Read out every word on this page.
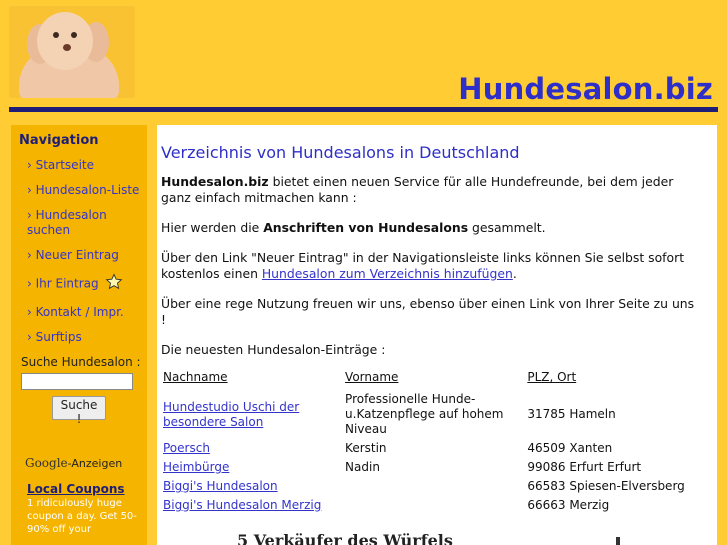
Hundesalon.biz
Navigation
› Startseite
› Hundesalon-Liste
› Hundesalon suchen
› Neuer Eintrag
› Ihr Eintrag
› Kontakt / Impr.
› Surftips
Suche Hundesalon :
Suche !
Google-Anzeigen
Local Coupons
1 ridiculously huge coupon a day. Get 50-90% off your
Verzeichnis von Hundesalons in Deutschland

Hundesalon.biz bietet einen neuen Service für alle Hundefreunde, bei dem jeder ganz einfach mitmachen kann :

Hier werden die Anschriften von Hundesalons gesammelt.

Über den Link "Neuer Eintrag" in der Navigationsleiste links können Sie selbst sofort kostenlos einen Hundesalon zum Verzeichnis hinzufügen.

Über eine rege Nutzung freuen wir uns, ebenso über einen Link von Ihrer Seite zu uns !

Die neuesten Hundesalon-Einträge :

Nachname	Vorname	PLZ, Ort
Hundestudio Uschi der besondere Salon	Professionelle Hunde-u.Katzenpflege auf hohem Niveau	31785 Hameln
Poersch	Kerstin	46509 Xanten
Heimbürge	Nadin	99086 Erfurt Erfurt
Biggi's Hundesalon		66583 Spiesen-Elversberg
Biggi's Hundesalon Merzig		66663 Merzig
5 Verkäufer des Würfels
